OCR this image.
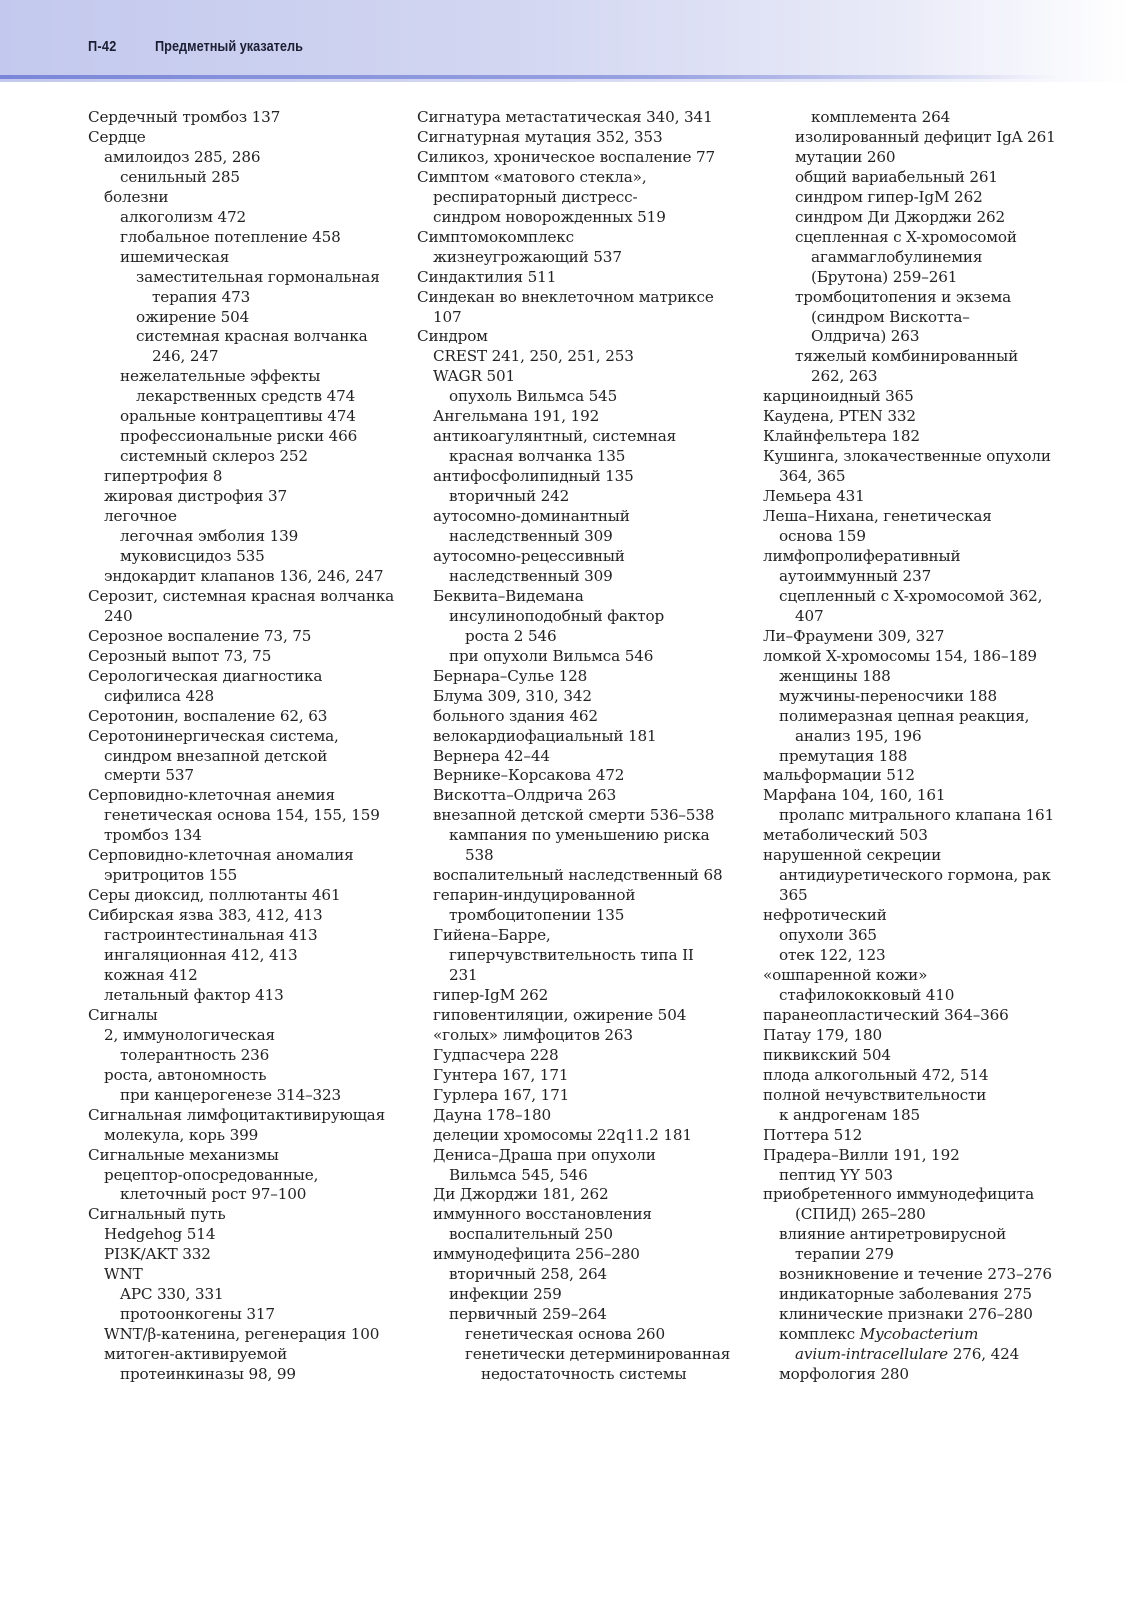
П-42	Предметный указатель
Сердечный тромбоз 137
Сердце
амилоидоз 285, 286
сенильный 285
болезни
алкоголизм 472
глобальное потепление 458
ишемическая
заместительная гормональная
терапия 473
ожирение 504
системная красная волчанка
246, 247
нежелательные эффекты
лекарственных средств 474
оральные контрацептивы 474
профессиональные риски 466
системный склероз 252
гипертрофия 8
жировая дистрофия 37
легочное
легочная эмболия 139
муковисцидоз 535
эндокардит клапанов 136, 246, 247
Серозит, системная красная волчанка
240
Серозное воспаление 73, 75
Серозный выпот 73, 75
Серологическая диагностика
сифилиса 428
Серотонин, воспаление 62, 63
Серотонинергическая система,
синдром внезапной детской
смерти 537
Серповидно-клеточная анемия
генетическая основа 154, 155, 159
тромбоз 134
Серповидно-клеточная аномалия
эритроцитов 155
Серы диоксид, поллютанты 461
Сибирская язва 383, 412, 413
гастроинтестинальная 413
ингаляционная 412, 413
кожная 412
летальный фактор 413
Сигналы
2, иммунологическая
толерантность 236
роста, автономность
при канцерогенезе 314–323
Сигнальная лимфоцитактивирующая
молекула, корь 399
Сигнальные механизмы
рецептор-опосредованные,
клеточный рост 97–100
Сигнальный путь
Hedgehog 514
PI3K/AKT 332
WNT
APC 330, 331
протоонкогены 317
WNT/β-катенина, регенерация 100
митоген-активируемой
протеинкиназы 98, 99
Сигнатура метастатическая 340, 341
Сигнатурная мутация 352, 353
Силикоз, хроническое воспаление 77
Симптом «матового стекла»,
респираторный дистресс-
синдром новорожденных 519
Симптомокомплекс
жизнеугрожающий 537
Синдактилия 511
Синдекан во внеклеточном матриксе
107
Синдром
CREST 241, 250, 251, 253
WAGR 501
опухоль Вильмса 545
Ангельмана 191, 192
антикоагулянтный, системная
красная волчанка 135
антифосфолипидный 135
вторичный 242
аутосомно-доминантный
наследственный 309
аутосомно-рецессивный
наследственный 309
Беквита–Видемана
инсулиноподобный фактор
роста 2 546
при опухоли Вильмса 546
Бернара–Сулье 128
Блума 309, 310, 342
больного здания 462
велокардиофациальный 181
Вернера 42–44
Вернике–Корсакова 472
Вискотта–Олдрича 263
внезапной детской смерти 536–538
кампания по уменьшению риска
538
воспалительный наследственный 68
гепарин-индуцированной
тромбоцитопении 135
Гийена–Барре,
гиперчувствительность типа II
231
гипер-IgM 262
гиповентиляции, ожирение 504
«голых» лимфоцитов 263
Гудпасчера 228
Гунтера 167, 171
Гурлера 167, 171
Дауна 178–180
делеции хромосомы 22q11.2 181
Дениса–Драша при опухоли
Вильмса 545, 546
Ди Джорджи 181, 262
иммунного восстановления
воспалительный 250
иммунодефицита 256–280
вторичный 258, 264
инфекции 259
первичный 259–264
генетическая основа 260
генетически детерминированная
недостаточность системы
комплемента 264
изолированный дефицит IgA 261
мутации 260
общий вариабельный 261
синдром гипер-IgM 262
синдром Ди Джорджи 262
сцепленная с X-хромосомой
агаммаглобулинемия
(Брутона) 259–261
тромбоцитопения и экзема
(синдром Вискотта–
Олдрича) 263
тяжелый комбинированный
262, 263
карциноидный 365
Каудена, PTEN 332
Клайнфельтера 182
Кушинга, злокачественные опухоли
364, 365
Лемьера 431
Леша–Нихана, генетическая
основа 159
лимфопролиферативный
аутоиммунный 237
сцепленный с X-хромосомой 362,
407
Ли–Фраумени 309, 327
ломкой X-хромосомы 154, 186–189
женщины 188
мужчины-переносчики 188
полимеразная цепная реакция,
анализ 195, 196
премутация 188
мальформации 512
Марфана 104, 160, 161
пролапс митрального клапана 161
метаболический 503
нарушенной секреции
антидиуретического гормона, рак
365
нефротический
опухоли 365
отек 122, 123
«ошпаренной кожи»
стафилококковый 410
паранеопластический 364–366
Патау 179, 180
пиквикский 504
плода алкогольный 472, 514
полной нечувствительности
к андрогенам 185
Поттера 512
Прадера–Вилли 191, 192
пептид YY 503
приобретенного иммунодефицита
(СПИД) 265–280
влияние антиретровирусной
терапии 279
возникновение и течение 273–276
индикаторные заболевания 275
клинические признаки 276–280
комплекс Mycobacterium
avium-intracellulare 276, 424
морфология 280
